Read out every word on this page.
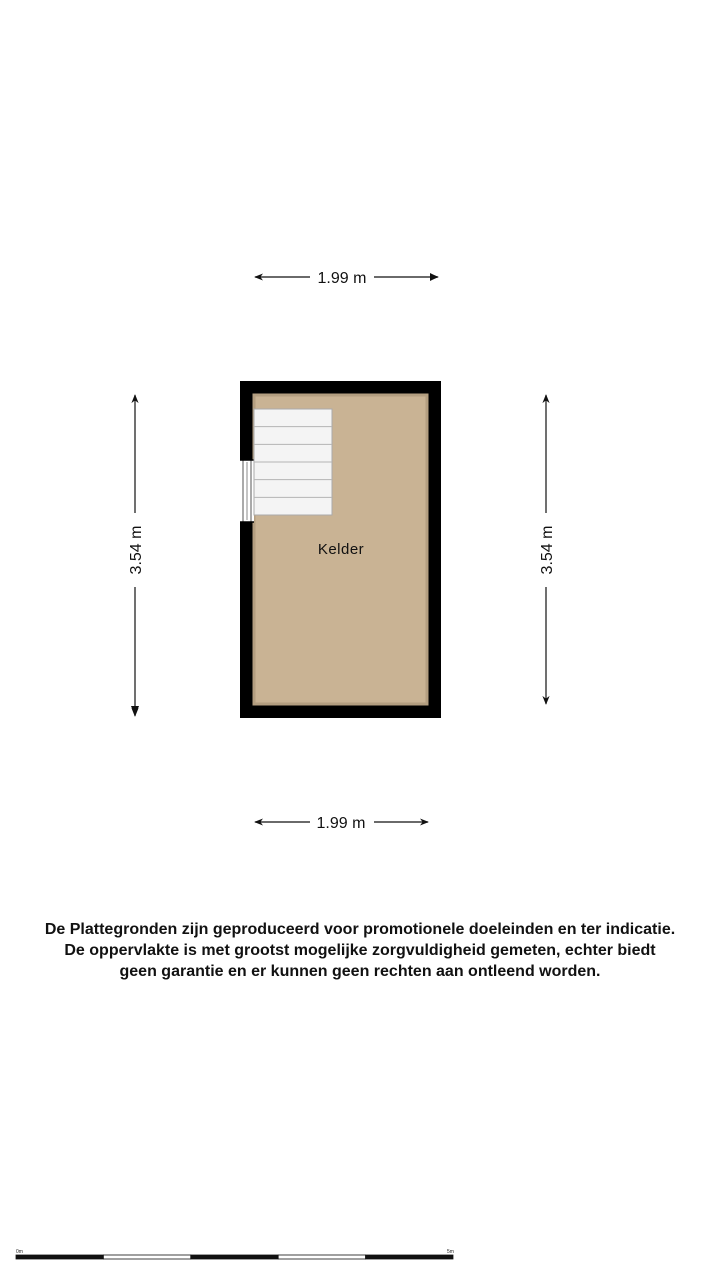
1.99 m
1.99 m
3.54 m	3.54 m
Kelder
0m	5m
De Plattegronden zijn geproduceerd voor promotionele doeleinden en ter indicatie.
De oppervlakte is met grootst mogelijke zorgvuldigheid gemeten, echter biedt
geen garantie en er kunnen geen rechten aan ontleend worden.
